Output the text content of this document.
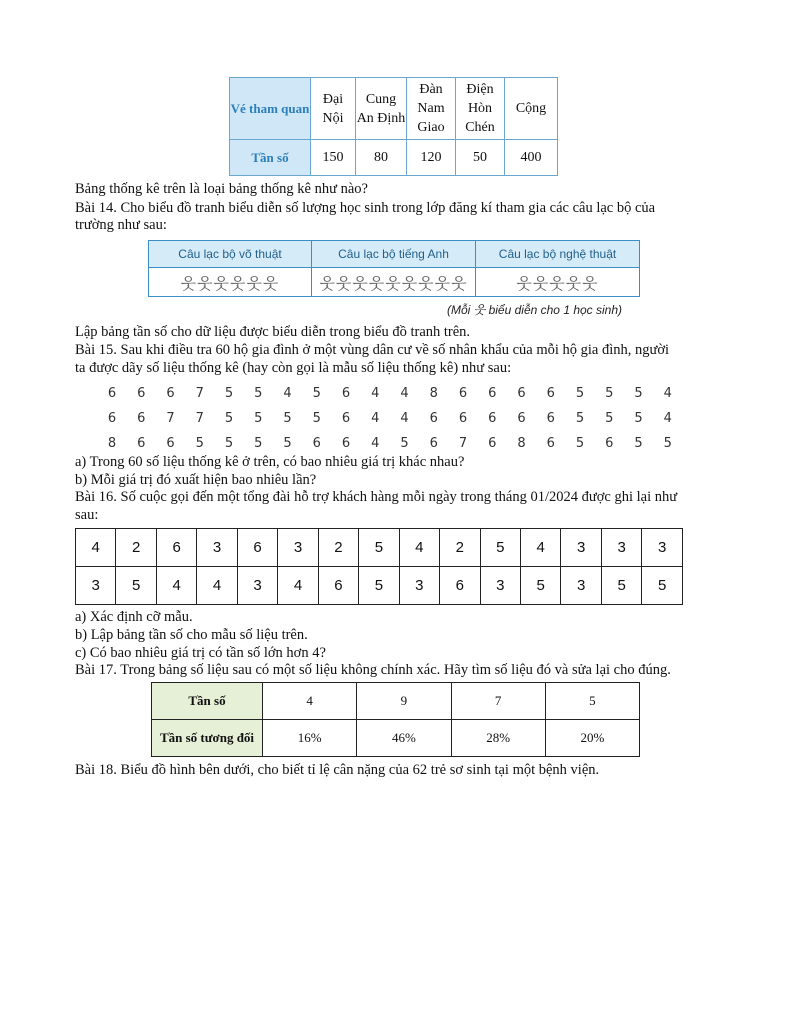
Vé tham quan	Đại Nội	Cung An Định	Đàn Nam Giao	Điện Hòn Chén	Cộng
Tần số	150	80	120	50	400
Bảng thống kê trên là loại bảng thống kê như nào?
Bài 14. Cho biểu đồ tranh biểu diễn số lượng học sinh trong lớp đăng kí tham gia các câu lạc bộ của
trường như sau:
Câu lạc bộ võ thuật	Câu lạc bộ tiếng Anh	Câu lạc bộ nghệ thuật
웃웃웃웃웃웃	웃웃웃웃웃웃웃웃웃	웃웃웃웃웃
(Mỗi 웃 biểu diễn cho 1 học sinh)
Lập bảng tần số cho dữ liệu được biểu diễn trong biểu đồ tranh trên.
Bài 15. Sau khi điều tra 60 hộ gia đình ở một vùng dân cư về số nhân khẩu của mỗi hộ gia đình, người
ta được dãy số liệu thống kê (hay còn gọi là mẫu số liệu thống kê) như sau:
6	6	6	7	5	5	4	5	6	4	4	8	6	6	6	6	5	5	5	4
6	6	7	7	5	5	5	5	6	4	4	6	6	6	6	6	5	5	5	4
8	6	6	5	5	5	5	6	6	4	5	6	7	6	8	6	5	6	5	5
a) Trong 60 số liệu thống kê ở trên, có bao nhiêu giá trị khác nhau?
b) Mỗi giá trị đó xuất hiện bao nhiêu lần?
Bài 16. Số cuộc gọi đến một tổng đài hỗ trợ khách hàng mỗi ngày trong tháng 01/2024 được ghi lại như
sau:
4	2	6	3	6	3	2	5	4	2	5	4	3	3	3
3	5	4	4	3	4	6	5	3	6	3	5	3	5	5
a) Xác định cỡ mẫu.
b) Lập bảng tần số cho mẫu số liệu trên.
c) Có bao nhiêu giá trị có tần số lớn hơn 4?
Bài 17. Trong bảng số liệu sau có một số liệu không chính xác. Hãy tìm số liệu đó và sửa lại cho đúng.
Tần số	4	9	7	5
Tần số tương đối	16%	46%	28%	20%
Bài 18. Biểu đồ hình bên dưới, cho biết tỉ lệ cân nặng của 62 trẻ sơ sinh tại một bệnh viện.
